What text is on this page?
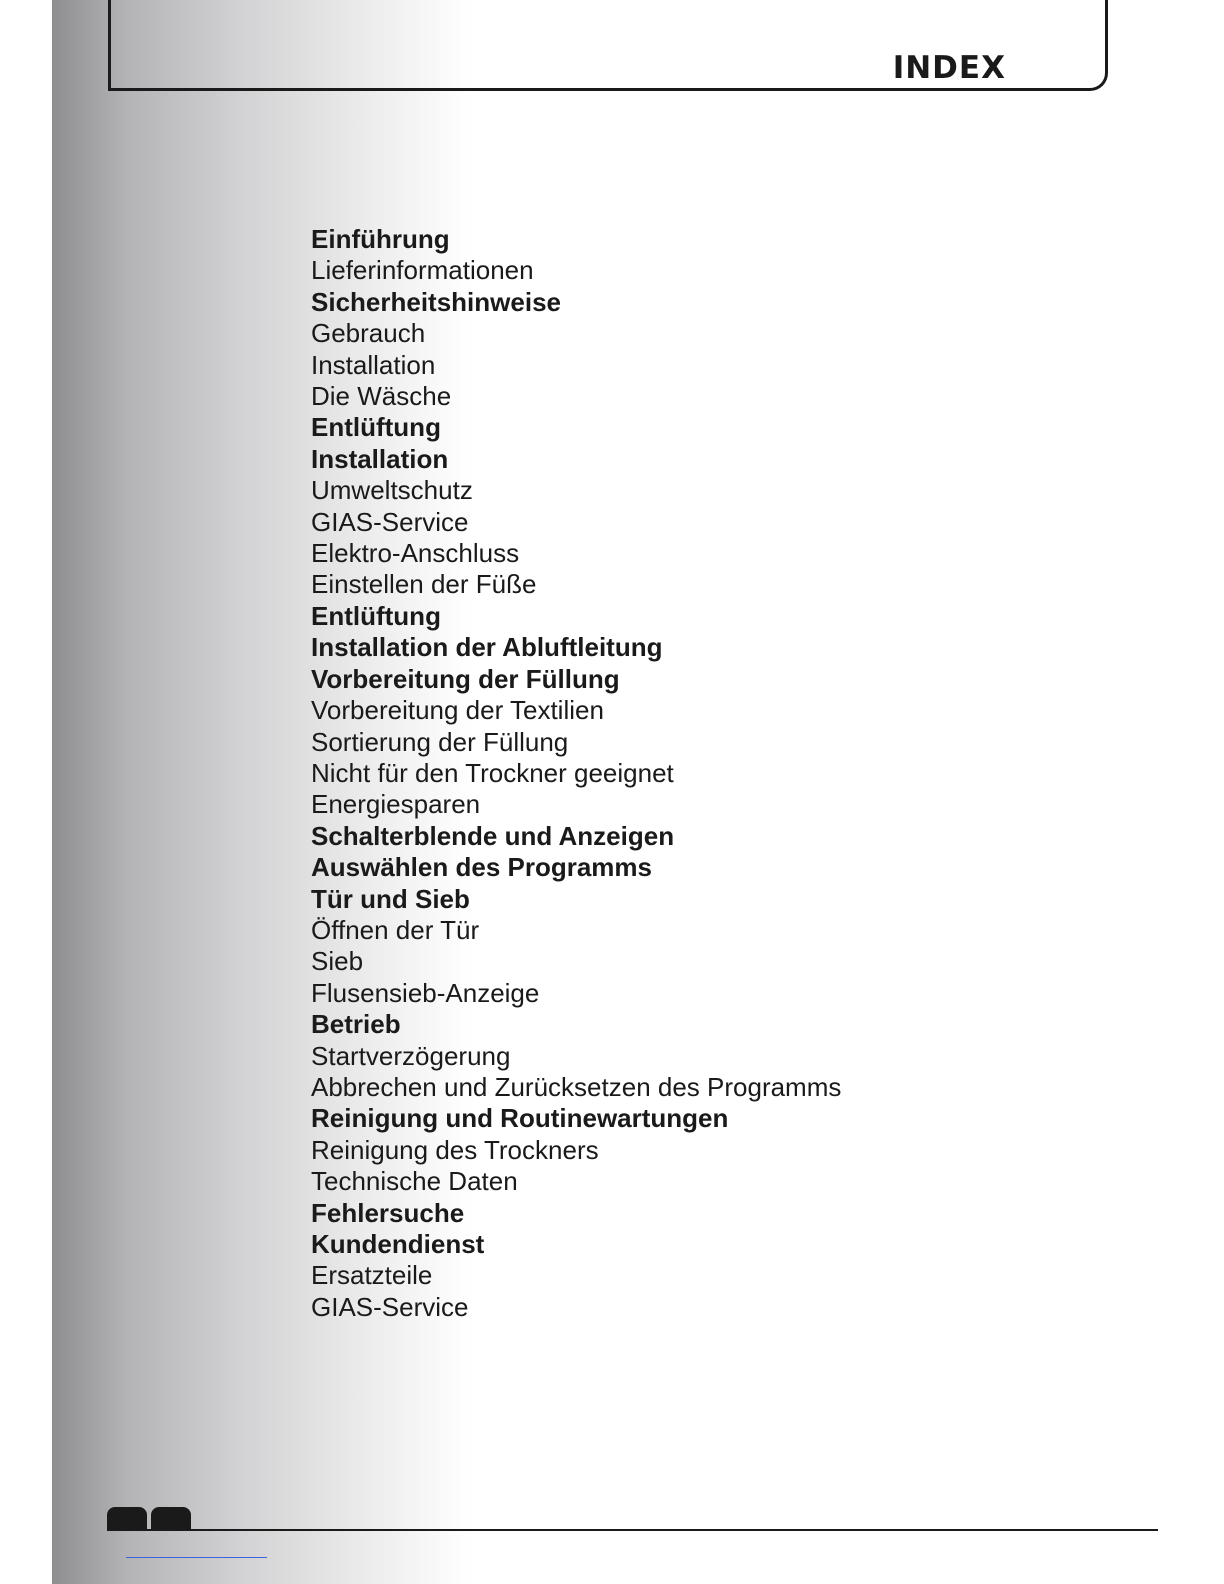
INDEX
Einführung
Lieferinformationen
Sicherheitshinweise
Gebrauch
Installation
Die Wäsche
Entlüftung
Installation
Umweltschutz
GIAS-Service
Elektro-Anschluss
Einstellen der Füße
Entlüftung
Installation der Abluftleitung
Vorbereitung der Füllung
Vorbereitung der Textilien
Sortierung der Füllung
Nicht für den Trockner geeignet
Energiesparen
Schalterblende und Anzeigen
Auswählen des Programms
Tür und Sieb
Öffnen der Tür
Sieb
Flusensieb-Anzeige
Betrieb
Startverzögerung
Abbrechen und Zurücksetzen des Programms
Reinigung und Routinewartungen
Reinigung des Trockners
Technische Daten
Fehlersuche
Kundendienst
Ersatzteile
GIAS-Service
